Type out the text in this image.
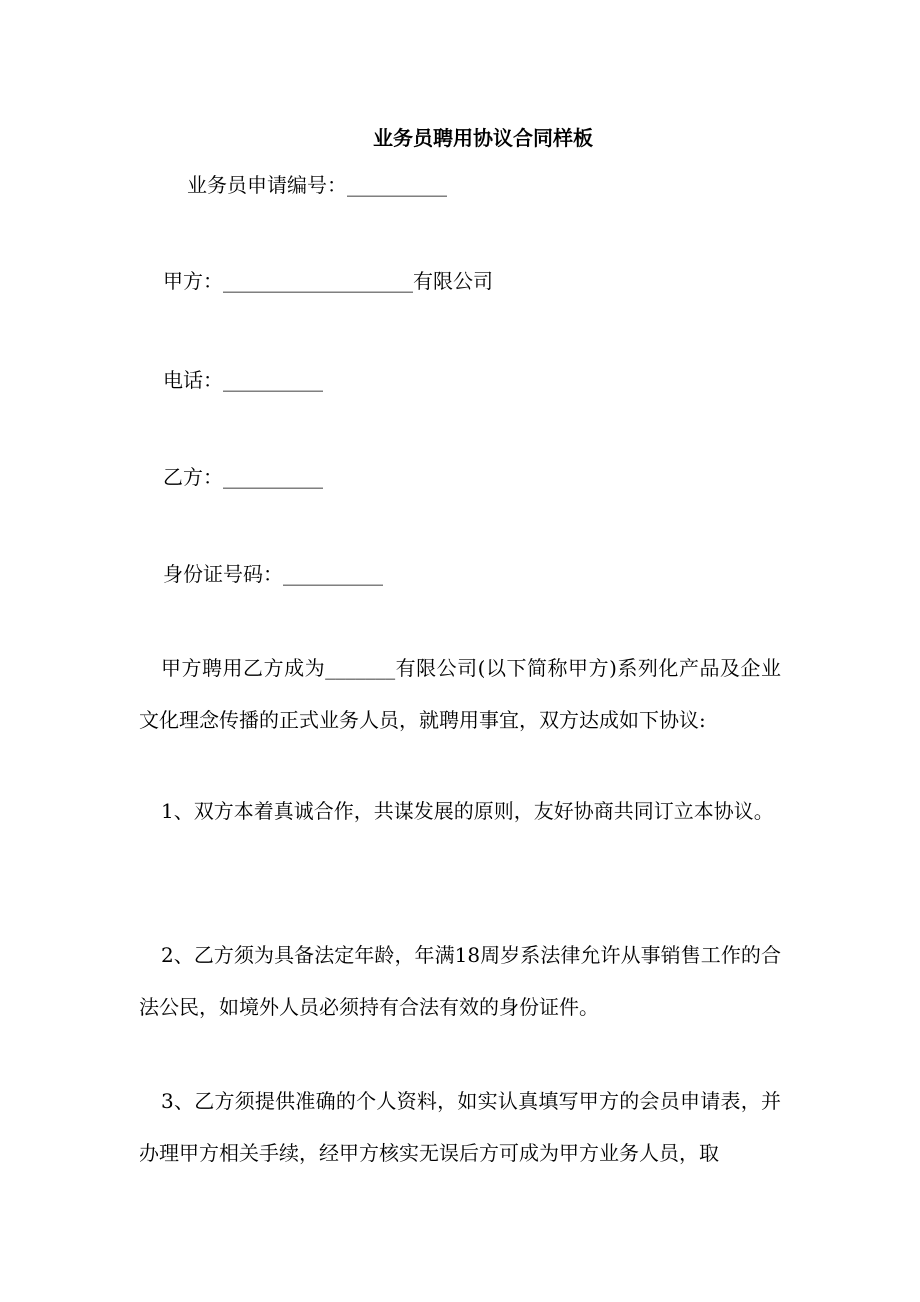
业务员聘用协议合同样板
业务员申请编号：__________
甲方：___________________有限公司
电话：__________
乙方：__________
身份证号码：__________
甲方聘用乙方成为_______有限公司(以下简称甲方)系列化产品及企业文化理念传播的正式业务人员，就聘用事宜，双方达成如下协议:
1、双方本着真诚合作，共谋发展的原则，友好协商共同订立本协议。
2、乙方须为具备法定年龄，年满18周岁系法律允许从事销售工作的合法公民，如境外人员必须持有合法有效的身份证件。
3、乙方须提供准确的个人资料，如实认真填写甲方的会员申请表，并办理甲方相关手续，经甲方核实无误后方可成为甲方业务人员，取
